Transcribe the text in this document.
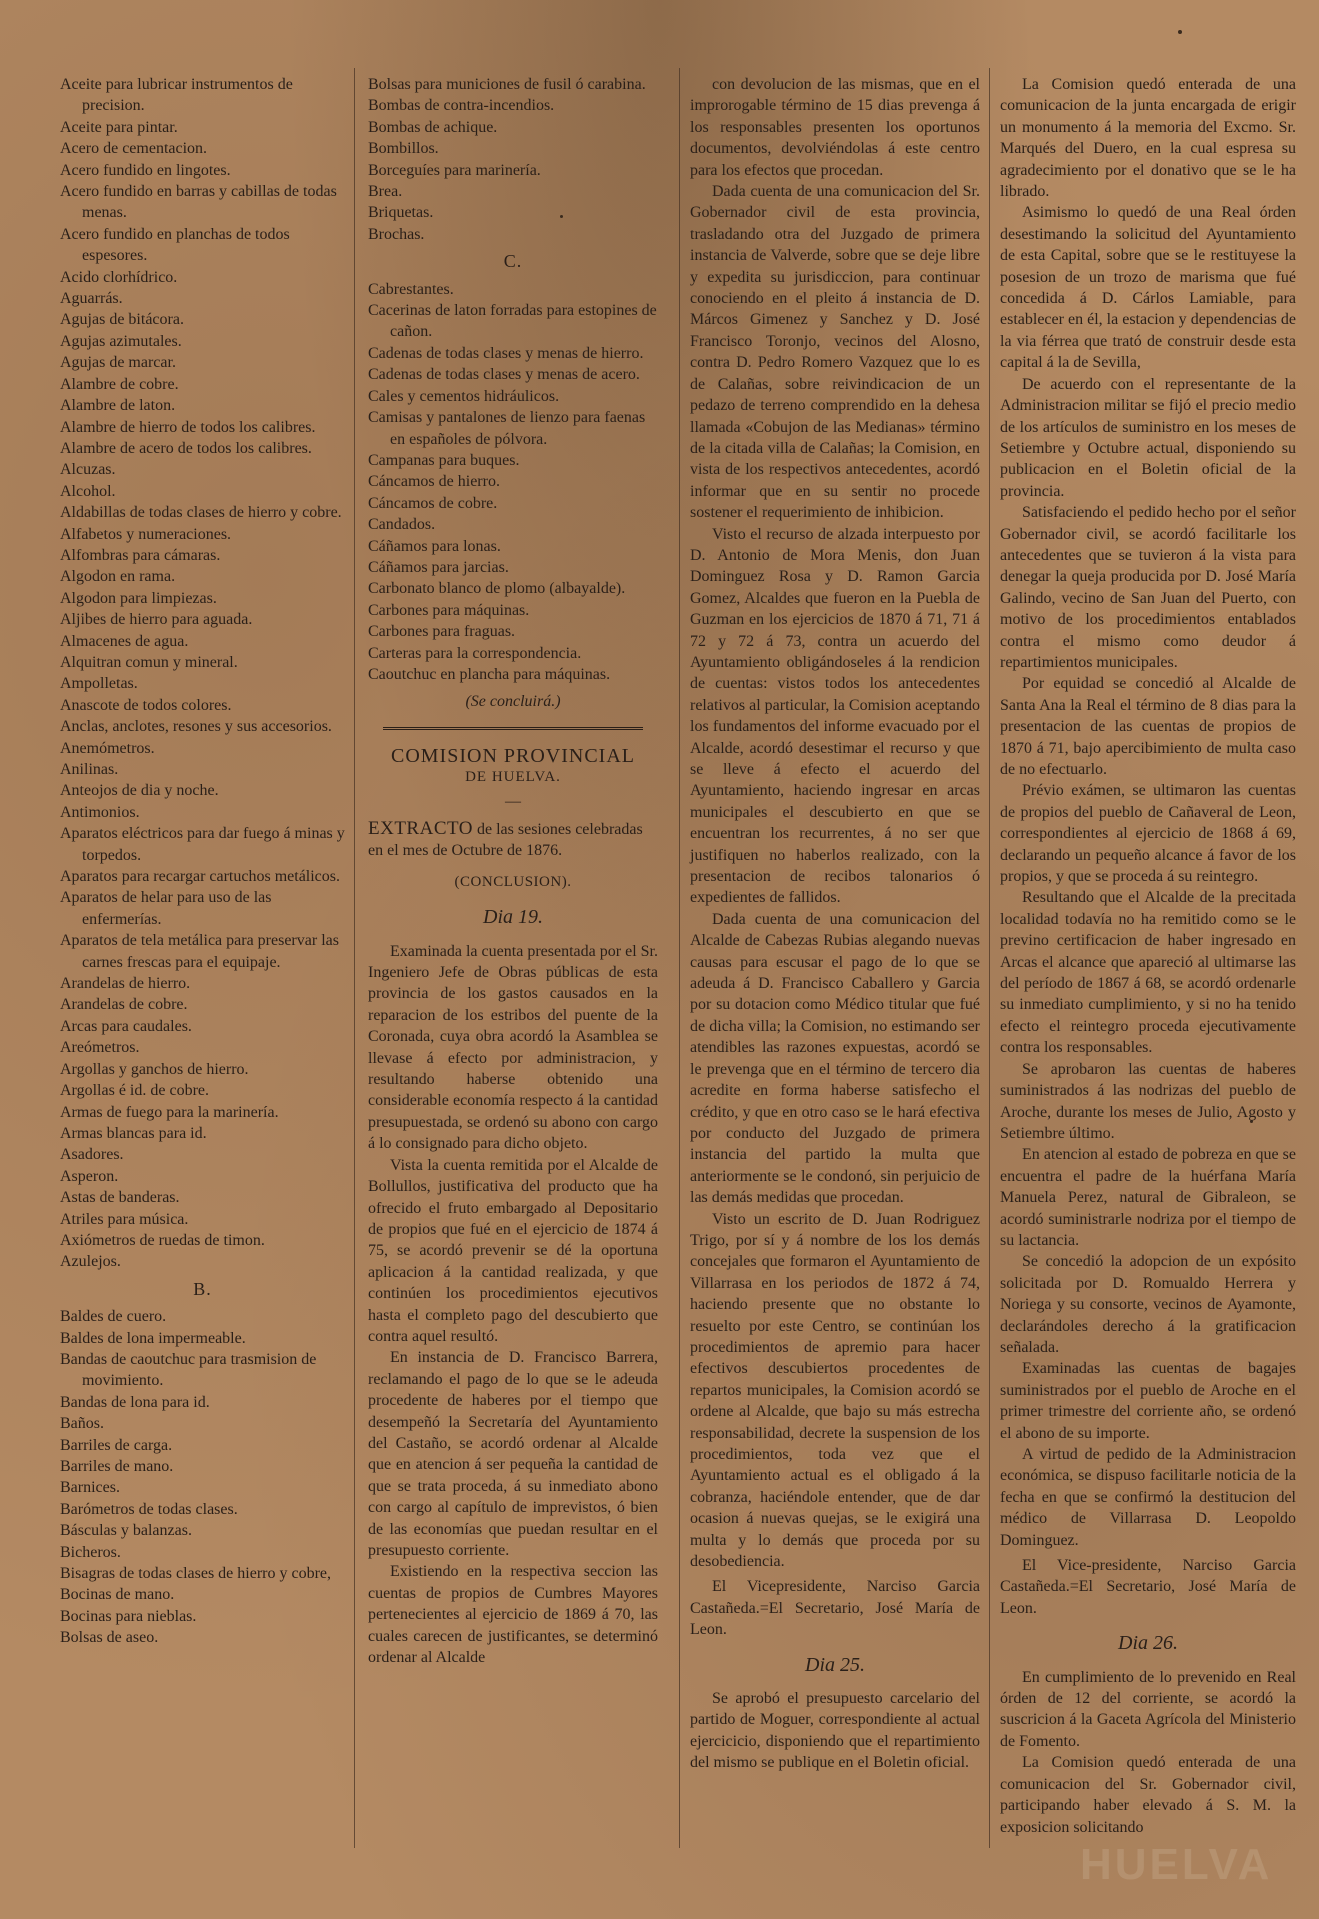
Aceite para lubricar instrumentos de precision.
Aceite para pintar.
Acero de cementacion.
Acero fundido en lingotes.
Acero fundido en barras y cabillas de todas menas.
Acero fundido en planchas de todos espesores.
Acido clorhídrico.
Aguarrás.
Agujas de bitácora.
Agujas azimutales.
Agujas de marcar.
Alambre de cobre.
Alambre de laton.
Alambre de hierro de todos los calibres.
Alambre de acero de todos los calibres.
Alcuzas.
Alcohol.
Aldabillas de todas clases de hierro y cobre.
Alfabetos y numeraciones.
Alfombras para cámaras.
Algodon en rama.
Algodon para limpiezas.
Aljibes de hierro para aguada.
Almacenes de agua.
Alquitran comun y mineral.
Ampolletas.
Anascote de todos colores.
Anclas, anclotes, resones y sus accesorios.
Anemómetros.
Anilinas.
Anteojos de dia y noche.
Antimonios.
Aparatos eléctricos para dar fuego á minas y torpedos.
Aparatos para recargar cartuchos metálicos.
Aparatos de helar para uso de las enfermerías.
Aparatos de tela metálica para preservar las carnes frescas para el equipaje.
Arandelas de hierro.
Arandelas de cobre.
Arcas para caudales.
Areómetros.
Argollas y ganchos de hierro.
Argollas é id. de cobre.
Armas de fuego para la marinería.
Armas blancas para id.
Asadores.
Asperon.
Astas de banderas.
Atriles para música.
Axiómetros de ruedas de timon.
Azulejos.
B.
Baldes de cuero.
Baldes de lona impermeable.
Bandas de caoutchuc para trasmision de movimiento.
Bandas de lona para id.
Baños.
Barriles de carga.
Barriles de mano.
Barnices.
Barómetros de todas clases.
Básculas y balanzas.
Bicheros.
Bisagras de todas clases de hierro y cobre,
Bocinas de mano.
Bocinas para nieblas.
Bolsas de aseo.
Bolsas para municiones de fusil ó carabina.
Bombas de contra-incendios.
Bombas de achique.
Bombillos.
Borceguíes para marinería.
Brea.
Briquetas.
Brochas.
C.
Cabrestantes.
Cacerinas de laton forradas para estopines de cañon.
Cadenas de todas clases y menas de hierro.
Cadenas de todas clases y menas de acero.
Cales y cementos hidráulicos.
Camisas y pantalones de lienzo para faenas en españoles de pólvora.
Campanas para buques.
Cáncamos de hierro.
Cáncamos de cobre.
Candados.
Cáñamos para lonas.
Cáñamos para jarcias.
Carbonato blanco de plomo (albayalde).
Carbones para máquinas.
Carbones para fraguas.
Carteras para la correspondencia.
Caoutchuc en plancha para máquinas.
(Se concluirá.)
COMISION PROVINCIAL
DE HUELVA.
—
EXTRACTO de las sesiones celebradas en el mes de Octubre de 1876.
(CONCLUSION).
Dia 19.

Examinada la cuenta presentada por el Sr. Ingeniero Jefe de Obras públicas de esta provincia de los gastos causados en la reparacion de los estribos del puente de la Coronada, cuya obra acordó la Asamblea se llevase á efecto por administracion, y resultando haberse obtenido una considerable economía respecto á la cantidad presupuestada, se ordenó su abono con cargo á lo consignado para dicho objeto.

Vista la cuenta remitida por el Alcalde de Bollullos, justificativa del producto que ha ofrecido el fruto embargado al Depositario de propios que fué en el ejercicio de 1874 á 75, se acordó prevenir se dé la oportuna aplicacion á la cantidad realizada, y que continúen los procedimientos ejecutivos hasta el completo pago del descubierto que contra aquel resultó.

En instancia de D. Francisco Barrera, reclamando el pago de lo que se le adeuda procedente de haberes por el tiempo que desempeñó la Secretaría del Ayuntamiento del Castaño, se acordó ordenar al Alcalde que en atencion á ser pequeña la cantidad de que se trata proceda, á su inmediato abono con cargo al capítulo de imprevistos, ó bien de las economías que puedan resultar en el presupuesto corriente.

Existiendo en la respectiva seccion las cuentas de propios de Cumbres Mayores pertenecientes al ejercicio de 1869 á 70, las cuales carecen de justificantes, se determinó ordenar al Alcalde

con devolucion de las mismas, que en el improrogable término de 15 dias prevenga á los responsables presenten los oportunos documentos, devolviéndolas á este centro para los efectos que procedan.

Dada cuenta de una comunicacion del Sr. Gobernador civil de esta provincia, trasladando otra del Juzgado de primera instancia de Valverde, sobre que se deje libre y expedita su jurisdiccion, para continuar conociendo en el pleito á instancia de D. Márcos Gimenez y Sanchez y D. José Francisco Toronjo, vecinos del Alosno, contra D. Pedro Romero Vazquez que lo es de Calañas, sobre reivindicacion de un pedazo de terreno comprendido en la dehesa llamada «Cobujon de las Medianas» término de la citada villa de Calañas; la Comision, en vista de los respectivos antecedentes, acordó informar que en su sentir no procede sostener el requerimiento de inhibicion.

Visto el recurso de alzada interpuesto por D. Antonio de Mora Menis, don Juan Dominguez Rosa y D. Ramon Garcia Gomez, Alcaldes que fueron en la Puebla de Guzman en los ejercicios de 1870 á 71, 71 á 72 y 72 á 73, contra un acuerdo del Ayuntamiento obligándoseles á la rendicion de cuentas: vistos todos los antecedentes relativos al particular, la Comision aceptando los fundamentos del informe evacuado por el Alcalde, acordó desestimar el recurso y que se lleve á efecto el acuerdo del Ayuntamiento, haciendo ingresar en arcas municipales el descubierto en que se encuentran los recurrentes, á no ser que justifiquen no haberlos realizado, con la presentacion de recibos talonarios ó expedientes de fallidos.

Dada cuenta de una comunicacion del Alcalde de Cabezas Rubias alegando nuevas causas para escusar el pago de lo que se adeuda á D. Francisco Caballero y Garcia por su dotacion como Médico titular que fué de dicha villa; la Comision, no estimando ser atendibles las razones expuestas, acordó se le prevenga que en el término de tercero dia acredite en forma haberse satisfecho el crédito, y que en otro caso se le hará efectiva por conducto del Juzgado de primera instancia del partido la multa que anteriormente se le condonó, sin perjuicio de las demás medidas que procedan.

Visto un escrito de D. Juan Rodriguez Trigo, por sí y á nombre de los los demás concejales que formaron el Ayuntamiento de Villarrasa en los periodos de 1872 á 74, haciendo presente que no obstante lo resuelto por este Centro, se continúan los procedimientos de apremio para hacer efectivos descubiertos procedentes de repartos municipales, la Comision acordó se ordene al Alcalde, que bajo su más estrecha responsabilidad, decrete la suspension de los procedimientos, toda vez que el Ayuntamiento actual es el obligado á la cobranza, haciéndole entender, que de dar ocasion á nuevas quejas, se le exigirá una multa y lo demás que proceda por su desobediencia.

El Vicepresidente, Narciso Garcia Castañeda.=El Secretario, José María de Leon.

Dia 25.

Se aprobó el presupuesto carcelario del partido de Moguer, correspondiente al actual ejercicicio, disponiendo que el repartimiento del mismo se publique en el Boletin oficial.

La Comision quedó enterada de una comunicacion de la junta encargada de erigir un monumento á la memoria del Excmo. Sr. Marqués del Duero, en la cual espresa su agradecimiento por el donativo que se le ha librado.

Asimismo lo quedó de una Real órden desestimando la solicitud del Ayuntamiento de esta Capital, sobre que se le restituyese la posesion de un trozo de marisma que fué concedida á D. Cárlos Lamiable, para establecer en él, la estacion y dependencias de la via férrea que trató de construir desde esta capital á la de Sevilla,

De acuerdo con el representante de la Administracion militar se fijó el precio medio de los artículos de suministro en los meses de Setiembre y Octubre actual, disponiendo su publicacion en el Boletin oficial de la provincia.

Satisfaciendo el pedido hecho por el señor Gobernador civil, se acordó facilitarle los antecedentes que se tuvieron á la vista para denegar la queja producida por D. José María Galindo, vecino de San Juan del Puerto, con motivo de los procedimientos entablados contra el mismo como deudor á repartimientos municipales.

Por equidad se concedió al Alcalde de Santa Ana la Real el término de 8 dias para la presentacion de las cuentas de propios de 1870 á 71, bajo apercibimiento de multa caso de no efectuarlo.

Prévio exámen, se ultimaron las cuentas de propios del pueblo de Cañaveral de Leon, correspondientes al ejercicio de 1868 á 69, declarando un pequeño alcance á favor de los propios, y que se proceda á su reintegro.

Resultando que el Alcalde de la precitada localidad todavía no ha remitido como se le previno certificacion de haber ingresado en Arcas el alcance que apareció al ultimarse las del período de 1867 á 68, se acordó ordenarle su inmediato cumplimiento, y si no ha tenido efecto el reintegro proceda ejecutivamente contra los responsables.

Se aprobaron las cuentas de haberes suministrados á las nodrizas del pueblo de Aroche, durante los meses de Julio, Agosto y Setiembre último.

En atencion al estado de pobreza en que se encuentra el padre de la huérfana María Manuela Perez, natural de Gibraleon, se acordó suministrarle nodriza por el tiempo de su lactancia.

Se concedió la adopcion de un expósito solicitada por D. Romualdo Herrera y Noriega y su consorte, vecinos de Ayamonte, declarándoles derecho á la gratificacion señalada.

Examinadas las cuentas de bagajes suministrados por el pueblo de Aroche en el primer trimestre del corriente año, se ordenó el abono de su importe.

A virtud de pedido de la Administracion económica, se dispuso facilitarle noticia de la fecha en que se confirmó la destitucion del médico de Villarrasa D. Leopoldo Dominguez.

El Vice-presidente, Narciso Garcia Castañeda.=El Secretario, José María de Leon.

Dia 26.

En cumplimiento de lo prevenido en Real órden de 12 del corriente, se acordó la suscricion á la Gaceta Agrícola del Ministerio de Fomento.

La Comision quedó enterada de una comunicacion del Sr. Gobernador civil, participando haber elevado á S. M. la exposicion solicitando

HUELVA
